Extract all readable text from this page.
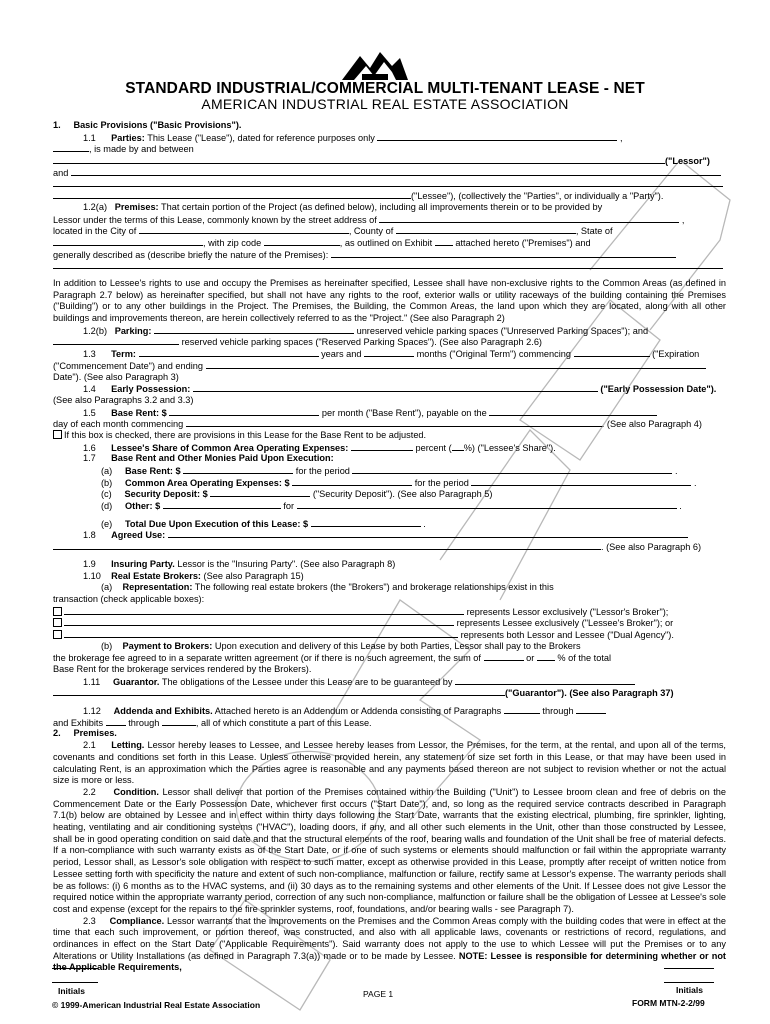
STANDARD INDUSTRIAL/COMMERCIAL MULTI-TENANT LEASE - NET
AMERICAN INDUSTRIAL REAL ESTATE ASSOCIATION
1. Basic Provisions ("Basic Provisions").
1.1 Parties: This Lease ("Lease"), dated for reference purposes only	,
, is made by and between
("Lessor")
and
("Lessee"), (collectively the "Parties", or individually a "Party").
1.2(a) Premises: That certain portion of the Project (as defined below), including all improvements therein or to be provided by
Lessor under the terms of this Lease, commonly known by the street address of	,
located in the City of	, County of	, State of
, with zip code	, as outlined on Exhibit	attached hereto ("Premises") and
generally described as (describe briefly the nature of the Premises):

In addition to Lessee's rights to use and occupy the Premises as hereinafter specified, Lessee shall have non-exclusive rights to the Common Areas (as defined in Paragraph 2.7 below) as hereinafter specified, but shall not have any rights to the roof, exterior walls or utility raceways of the building containing the Premises ("Building") or to any other buildings in the Project. The Premises, the Building, the Common Areas, the land upon which they are located, along with all other buildings and improvements thereon, are herein collectively referred to as the "Project." (See also Paragraph 2)

1.2(b) Parking:	unreserved vehicle parking spaces ("Unreserved Parking Spaces"); and
reserved vehicle parking spaces ("Reserved Parking Spaces"). (See also Paragraph 2.6)
1.3 Term:	years and	months ("Original Term") commencing	("Expiration
("Commencement Date") and ending
Date"). (See also Paragraph 3)
1.4 Early Possession:	("Early Possession Date").
(See also Paragraphs 3.2 and 3.3)
1.5 Base Rent: $	per month ("Base Rent"), payable on the
day of each month commencing	. (See also Paragraph 4)
If this box is checked, there are provisions in this Lease for the Base Rent to be adjusted.
1.6 Lessee's Share of Common Area Operating Expenses:	percent ( %) ("Lessee's Share").
1.7 Base Rent and Other Monies Paid Upon Execution:
(a) Base Rent: $	for the period	.
(b) Common Area Operating Expenses: $	for the period	.
(c) Security Deposit: $	("Security Deposit"). (See also Paragraph 5)
(d) Other: $	for	.
(e) Total Due Upon Execution of this Lease: $	.
1.8 Agreed Use:
. (See also Paragraph 6)
1.9 Insuring Party. Lessor is the "Insuring Party". (See also Paragraph 8)
1.10 Real Estate Brokers: (See also Paragraph 15)
(a) Representation: The following real estate brokers (the "Brokers") and brokerage relationships exist in this
transaction (check applicable boxes):
represents Lessor exclusively ("Lessor's Broker");
represents Lessee exclusively ("Lessee's Broker"); or
represents both Lessor and Lessee ("Dual Agency").
(b) Payment to Brokers: Upon execution and delivery of this Lease by both Parties, Lessor shall pay to the Brokers
the brokerage fee agreed to in a separate written agreement (or if there is no such agreement, the sum of	or	% of the total
Base Rent for the brokerage services rendered by the Brokers).
1.11 Guarantor. The obligations of the Lessee under this Lease are to be guaranteed by
("Guarantor"). (See also Paragraph 37)
1.12 Addenda and Exhibits. Attached hereto is an Addendum or Addenda consisting of Paragraphs	through
and Exhibits	through	, all of which constitute a part of this Lease.
2. Premises.

2.1 Letting. Lessor hereby leases to Lessee, and Lessee hereby leases from Lessor, the Premises, for the term, at the rental, and upon all of the terms, covenants and conditions set forth in this Lease. Unless otherwise provided herein, any statement of size set forth in this Lease, or that may have been used in calculating Rent, is an approximation which the Parties agree is reasonable and any payments based thereon are not subject to revision whether or not the actual size is more or less.

2.2 Condition. Lessor shall deliver that portion of the Premises contained within the Building ("Unit") to Lessee broom clean and free of debris on the Commencement Date or the Early Possession Date, whichever first occurs ("Start Date"), and, so long as the required service contracts described in Paragraph 7.1(b) below are obtained by Lessee and in effect within thirty days following the Start Date, warrants that the existing electrical, plumbing, fire sprinkler, lighting, heating, ventilating and air conditioning systems ("HVAC"), loading doors, if any, and all other such elements in the Unit, other than those constructed by Lessee, shall be in good operating condition on said date and that the structural elements of the roof, bearing walls and foundation of the Unit shall be free of material defects. If a non-compliance with such warranty exists as of the Start Date, or if one of such systems or elements should malfunction or fail within the appropriate warranty period, Lessor shall, as Lessor's sole obligation with respect to such matter, except as otherwise provided in this Lease, promptly after receipt of written notice from Lessee setting forth with specificity the nature and extent of such non-compliance, malfunction or failure, rectify same at Lessor's expense. The warranty periods shall be as follows: (i) 6 months as to the HVAC systems, and (ii) 30 days as to the remaining systems and other elements of the Unit. If Lessee does not give Lessor the required notice within the appropriate warranty period, correction of any such non-compliance, malfunction or failure shall be the obligation of Lessee at Lessee's sole cost and expense (except for the repairs to the fire sprinkler systems, roof, foundations, and/or bearing walls - see Paragraph 7).

2.3 Compliance. Lessor warrants that the improvements on the Premises and the Common Areas comply with the building codes that were in effect at the time that each such improvement, or portion thereof, was constructed, and also with all applicable laws, covenants or restrictions of record, regulations, and ordinances in effect on the Start Date ("Applicable Requirements"). Said warranty does not apply to the use to which Lessee will put the Premises or to any Alterations or Utility Installations (as defined in Paragraph 7.3(a)) made or to be made by Lessee. NOTE: Lessee is responsible for determining whether or not the Applicable Requirements,

Initials
© 1999-American Industrial Real Estate Association
PAGE 1	Initials
FORM MTN-2-2/99
